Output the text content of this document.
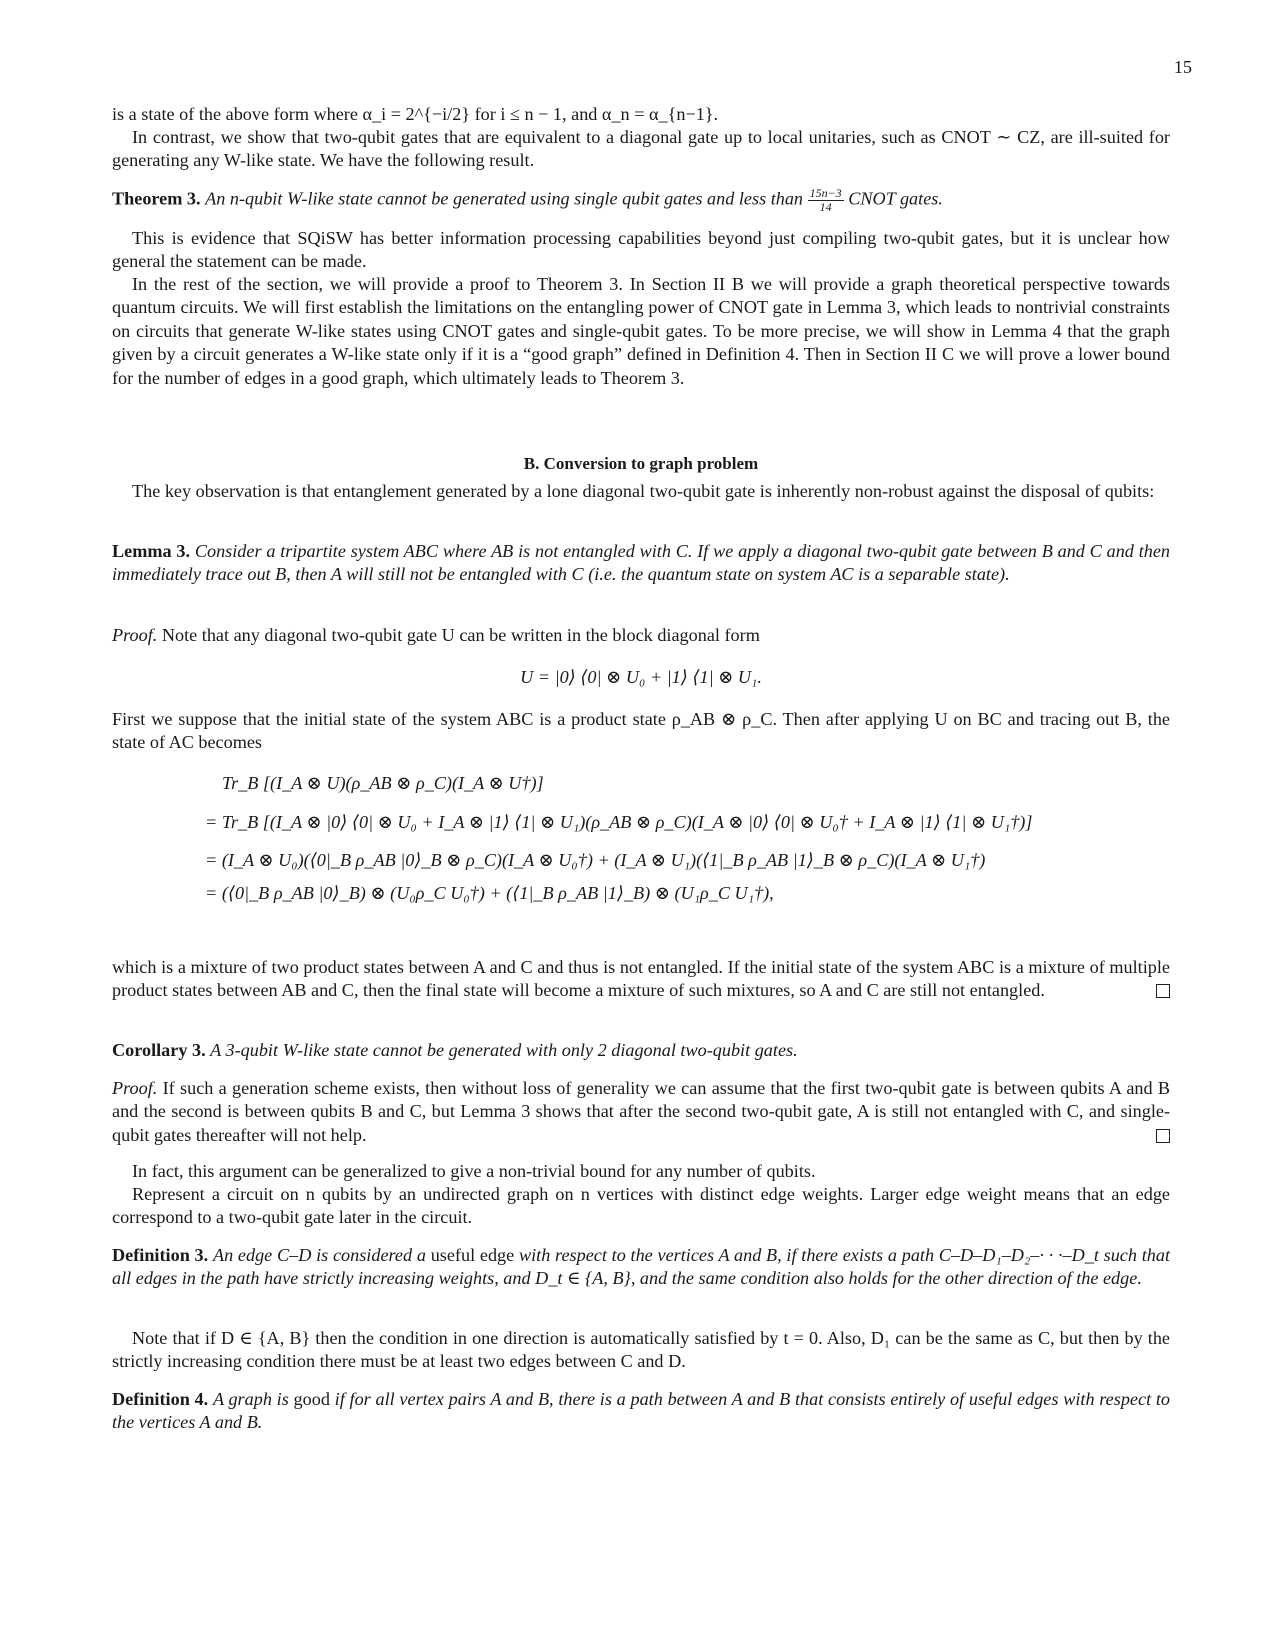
15

is a state of the above form where α_i = 2^{−i/2} for i ≤ n − 1, and α_n = α_{n−1}.

In contrast, we show that two-qubit gates that are equivalent to a diagonal gate up to local unitaries, such as CNOT ∼ CZ, are ill-suited for generating any W-like state. We have the following result.

Theorem 3. An n-qubit W-like state cannot be generated using single qubit gates and less than $\frac{15n-3}{14}$ CNOT gates.

This is evidence that SQiSW has better information processing capabilities beyond just compiling two-qubit gates, but it is unclear how general the statement can be made.

In the rest of the section, we will provide a proof to Theorem 3. In Section II B we will provide a graph theoretical perspective towards quantum circuits. We will first establish the limitations on the entangling power of CNOT gate in Lemma 3, which leads to nontrivial constraints on circuits that generate W-like states using CNOT gates and single-qubit gates. To be more precise, we will show in Lemma 4 that the graph given by a circuit generates a W-like state only if it is a “good graph” defined in Definition 4. Then in Section II C we will prove a lower bound for the number of edges in a good graph, which ultimately leads to Theorem 3.

B. Conversion to graph problem

The key observation is that entanglement generated by a lone diagonal two-qubit gate is inherently non-robust against the disposal of qubits:

Lemma 3. Consider a tripartite system ABC where AB is not entangled with C. If we apply a diagonal two-qubit gate between B and C and then immediately trace out B, then A will still not be entangled with C (i.e. the quantum state on system AC is a separable state).

Proof. Note that any diagonal two-qubit gate U can be written in the block diagonal form

U = |0⟩ ⟨0| ⊗ U₀ + |1⟩ ⟨1| ⊗ U₁.

First we suppose that the initial state of the system ABC is a product state ρ_AB ⊗ ρ_C. Then after applying U on BC and tracing out B, the state of AC becomes

Tr_B [(I_A ⊗ U)(ρ_AB ⊗ ρ_C)(I_A ⊗ U†)]
= Tr_B [(I_A ⊗ |0⟩ ⟨0| ⊗ U₀ + I_A ⊗ |1⟩ ⟨1| ⊗ U₁)(ρ_AB ⊗ ρ_C)(I_A ⊗ |0⟩ ⟨0| ⊗ U₀† + I_A ⊗ |1⟩ ⟨1| ⊗ U₁†)]
= (I_A ⊗ U₀)(⟨0|_B ρ_AB |0⟩_B ⊗ ρ_C)(I_A ⊗ U₀†) + (I_A ⊗ U₁)(⟨1|_B ρ_AB |1⟩_B ⊗ ρ_C)(I_A ⊗ U₁†)
= (⟨0|_B ρ_AB |0⟩_B) ⊗ (U₀ρ_C U₀†) + (⟨1|_B ρ_AB |1⟩_B) ⊗ (U₁ρ_C U₁†),

which is a mixture of two product states between A and C and thus is not entangled. If the initial state of the system ABC is a mixture of multiple product states between AB and C, then the final state will become a mixture of such mixtures, so A and C are still not entangled.

Corollary 3. A 3-qubit W-like state cannot be generated with only 2 diagonal two-qubit gates.

Proof. If such a generation scheme exists, then without loss of generality we can assume that the first two-qubit gate is between qubits A and B and the second is between qubits B and C, but Lemma 3 shows that after the second two-qubit gate, A is still not entangled with C, and single-qubit gates thereafter will not help.

In fact, this argument can be generalized to give a non-trivial bound for any number of qubits.

Represent a circuit on n qubits by an undirected graph on n vertices with distinct edge weights. Larger edge weight means that an edge correspond to a two-qubit gate later in the circuit.

Definition 3. An edge C–D is considered a useful edge with respect to the vertices A and B, if there exists a path C–D–D₁–D₂–· · ·–D_t such that all edges in the path have strictly increasing weights, and D_t ∈ {A, B}, and the same condition also holds for the other direction of the edge.

Note that if D ∈ {A, B} then the condition in one direction is automatically satisfied by t = 0. Also, D₁ can be the same as C, but then by the strictly increasing condition there must be at least two edges between C and D.

Definition 4. A graph is good if for all vertex pairs A and B, there is a path between A and B that consists entirely of useful edges with respect to the vertices A and B.
